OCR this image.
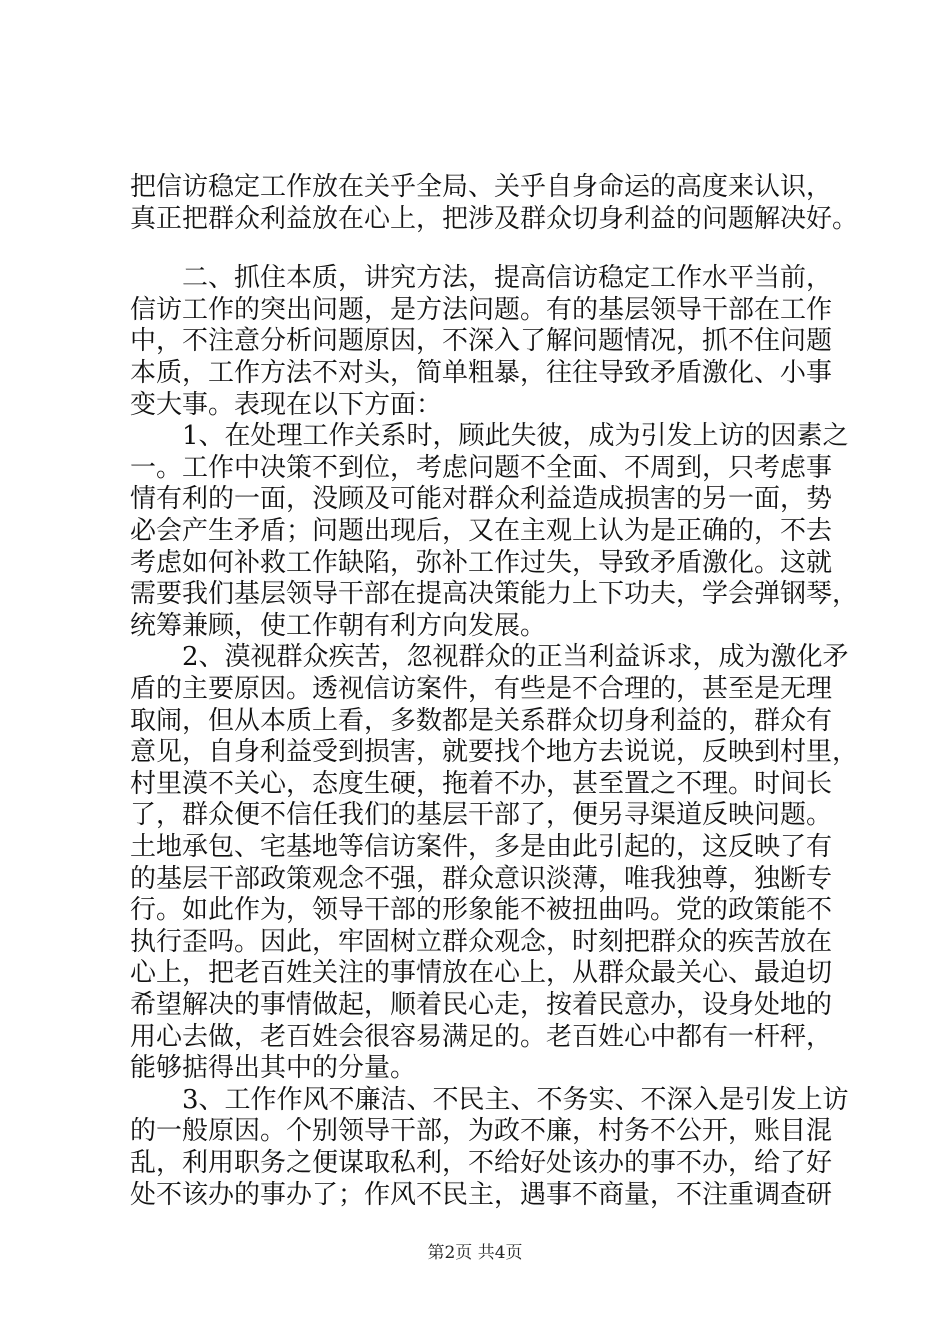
把信访稳定工作放在关乎全局、关乎自身命运的高度来认识，
真正把群众利益放在心上，把涉及群众切身利益的问题解决好。
　　二、抓住本质，讲究方法，提高信访稳定工作水平当前，
信访工作的突出问题，是方法问题。有的基层领导干部在工作
中，不注意分析问题原因，不深入了解问题情况，抓不住问题
本质，工作方法不对头，简单粗暴，往往导致矛盾激化、小事
变大事。表现在以下方面：
　　1、在处理工作关系时，顾此失彼，成为引发上访的因素之
一。工作中决策不到位，考虑问题不全面、不周到，只考虑事
情有利的一面，没顾及可能对群众利益造成损害的另一面，势
必会产生矛盾；问题出现后，又在主观上认为是正确的，不去
考虑如何补救工作缺陷，弥补工作过失，导致矛盾激化。这就
需要我们基层领导干部在提高决策能力上下功夫，学会弹钢琴，
统筹兼顾，使工作朝有利方向发展。
　　2、漠视群众疾苦，忽视群众的正当利益诉求，成为激化矛
盾的主要原因。透视信访案件，有些是不合理的，甚至是无理
取闹，但从本质上看，多数都是关系群众切身利益的，群众有
意见，自身利益受到损害，就要找个地方去说说，反映到村里，
村里漠不关心，态度生硬，拖着不办，甚至置之不理。时间长
了，群众便不信任我们的基层干部了，便另寻渠道反映问题。
土地承包、宅基地等信访案件，多是由此引起的，这反映了有
的基层干部政策观念不强，群众意识淡薄，唯我独尊，独断专
行。如此作为，领导干部的形象能不被扭曲吗。党的政策能不
执行歪吗。因此，牢固树立群众观念，时刻把群众的疾苦放在
心上，把老百姓关注的事情放在心上，从群众最关心、最迫切
希望解决的事情做起，顺着民心走，按着民意办，设身处地的
用心去做，老百姓会很容易满足的。老百姓心中都有一杆秤，
能够掂得出其中的分量。
　　3、工作作风不廉洁、不民主、不务实、不深入是引发上访
的一般原因。个别领导干部，为政不廉，村务不公开，账目混
乱，利用职务之便谋取私利，不给好处该办的事不办，给了好
处不该办的事办了；作风不民主，遇事不商量，不注重调查研
第2页 共4页
